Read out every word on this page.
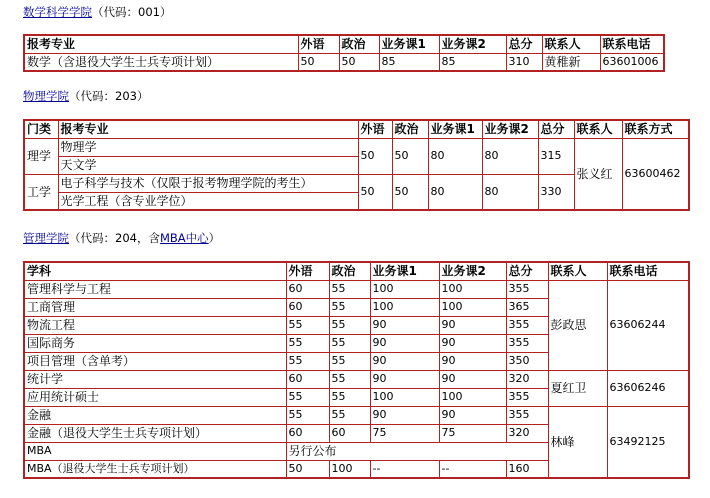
数学科学学院（代码：001）
报考专业	外语	政治	业务课1	业务课2	总分	联系人	联系电话
数学（含退役大学生士兵专项计划）	50	50	85	85	310	黄稚新	63601006
物理学院（代码：203）
门类	报考专业	外语	政治	业务课1	业务课2	总分	联系人	联系方式
理学	物理学	50	50	80	80	315	张义红	63600462
	天文学							
工学	电子科学与技术（仅限于报考物理学院的考生）	50	50	80	80	330		
	光学工程（含专业学位）							
管理学院（代码：204，含MBA中心）
学科	外语	政治	业务课1	业务课2	总分	联系人	联系电话
管理科学与工程	60	55	100	100	355	彭政思	63606244
工商管理	60	55	100	100	365		
物流工程	55	55	90	90	355		
国际商务	55	55	90	90	355		
项目管理（含单考）	55	55	90	90	350		
统计学	60	55	90	90	320	夏红卫	63606246
应用统计硕士	55	55	100	100	355		
金融	55	55	90	90	355	林峰	63492125
金融（退役大学生士兵专项计划）	60	60	75	75	320		
MBA	另行公布						
MBA（退役大学生士兵专项计划）	50	100	--	--	160		
